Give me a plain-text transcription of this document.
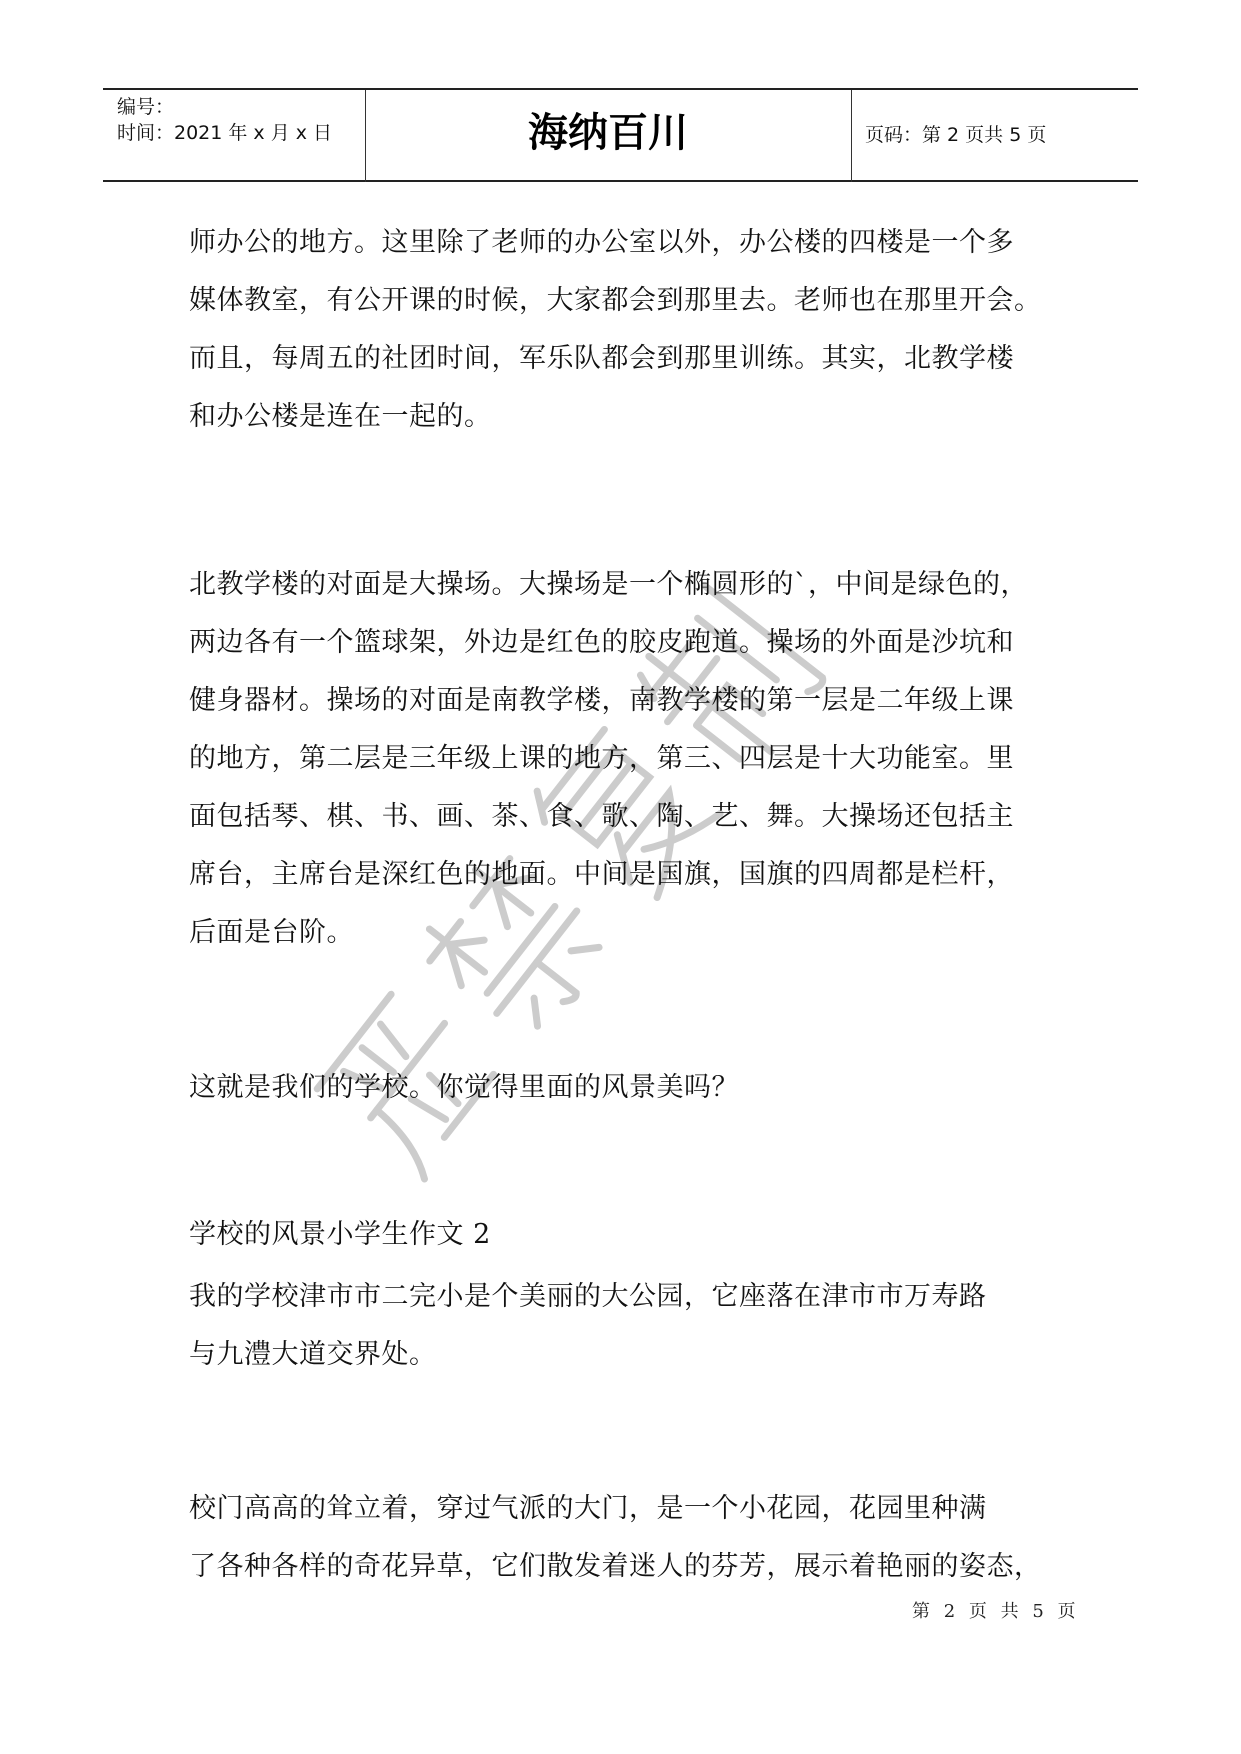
编号：
时间：2021 年 x 月 x 日	海纳百川	页码：第 2 页共 5 页
师办公的地方。这里除了老师的办公室以外，办公楼的四楼是一个多
媒体教室，有公开课的时候，大家都会到那里去。老师也在那里开会。
而且，每周五的社团时间，军乐队都会到那里训练。其实，北教学楼
和办公楼是连在一起的。
北教学楼的对面是大操场。大操场是一个椭圆形的`，中间是绿色的，
两边各有一个篮球架，外边是红色的胶皮跑道。操场的外面是沙坑和
健身器材。操场的对面是南教学楼，南教学楼的第一层是二年级上课
的地方，第二层是三年级上课的地方，第三、四层是十大功能室。里
面包括琴、棋、书、画、茶、食、歌、陶、艺、舞。大操场还包括主
席台，主席台是深红色的地面。中间是国旗，国旗的四周都是栏杆，
后面是台阶。
这就是我们的学校。你觉得里面的风景美吗？
学校的风景小学生作文 2
我的学校津市市二完小是个美丽的大公园，它座落在津市市万寿路
与九澧大道交界处。
校门高高的耸立着，穿过气派的大门，是一个小花园，花园里种满
了各种各样的奇花异草，它们散发着迷人的芬芳，展示着艳丽的姿态，
第 2 页 共 5 页
